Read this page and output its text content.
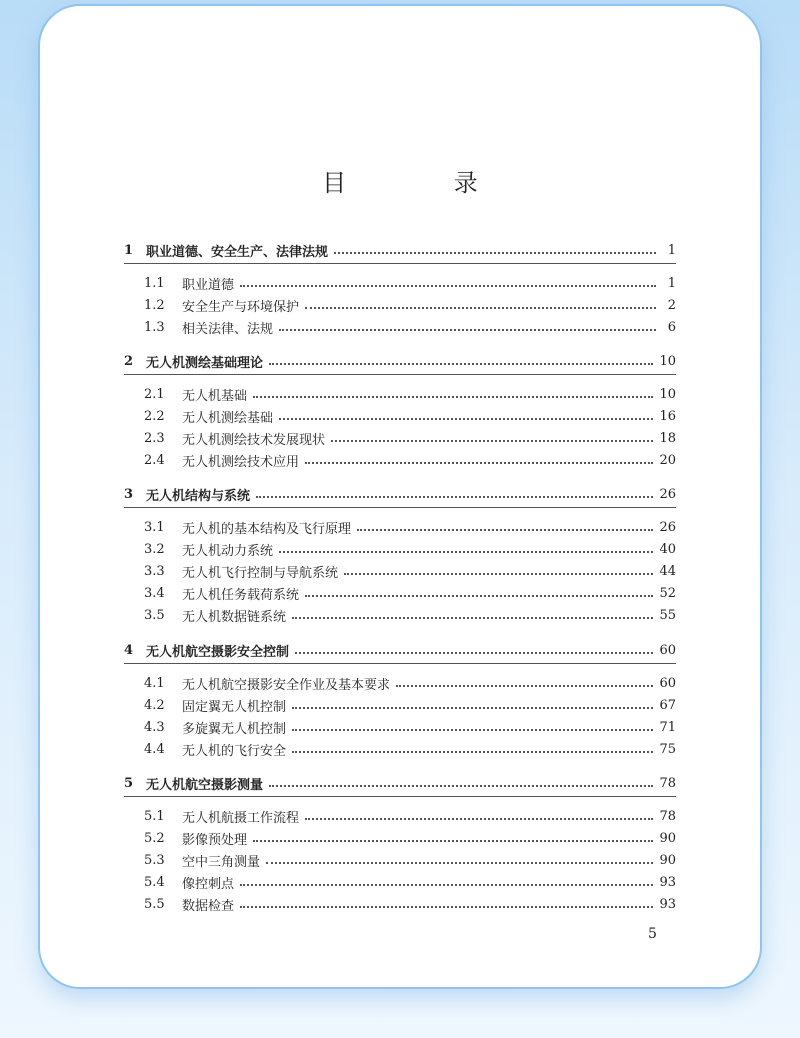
目 录
1 职业道德、安全生产、法律法规	1
1.1	职业道德	1
1.2	安全生产与环境保护	2
1.3	相关法律、法规	6
2 无人机测绘基础理论	10
2.1	无人机基础	10
2.2	无人机测绘基础	16
2.3	无人机测绘技术发展现状	18
2.4	无人机测绘技术应用	20
3 无人机结构与系统	26
3.1	无人机的基本结构及飞行原理	26
3.2	无人机动力系统	40
3.3	无人机飞行控制与导航系统	44
3.4	无人机任务载荷系统	52
3.5	无人机数据链系统	55
4 无人机航空摄影安全控制	60
4.1	无人机航空摄影安全作业及基本要求	60
4.2	固定翼无人机控制	67
4.3	多旋翼无人机控制	71
4.4	无人机的飞行安全	75
5 无人机航空摄影测量	78
5.1	无人机航摄工作流程	78
5.2	影像预处理	90
5.3	空中三角测量	90
5.4	像控刺点	93
5.5	数据检查	93
5
